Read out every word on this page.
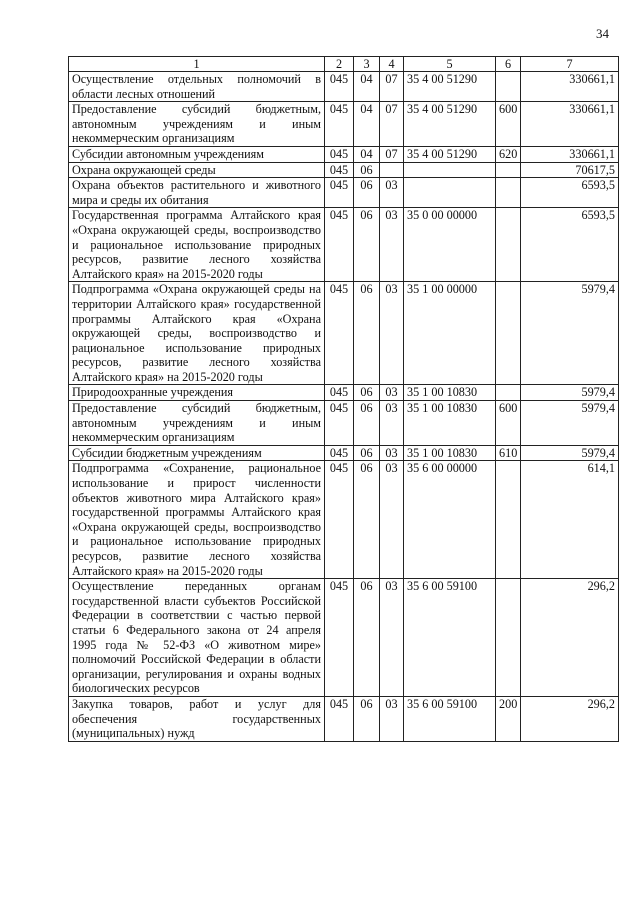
34
1	2	3	4	5	6	7
Осуществление отдельных полномочий в области лесных отношений	045	04	07	35 4 00 51290		330661,1
Предоставление субсидий бюджетным, автономным учреждениям и иным некоммерческим организациям	045	04	07	35 4 00 51290	600	330661,1
Субсидии автономным учреждениям	045	04	07	35 4 00 51290	620	330661,1
Охрана окружающей среды	045	06				70617,5
Охрана объектов растительного и животного мира и среды их обитания	045	06	03			6593,5
Государственная программа Алтайского края «Охрана окружающей среды, воспроизводство и рациональное использование природных ресурсов, развитие лесного хозяйства Алтайского края» на 2015-2020 годы	045	06	03	35 0 00 00000		6593,5
Подпрограмма «Охрана окружающей среды на территории Алтайского края» государственной программы Алтайского края «Охрана окружающей среды, воспроизводство и рациональное использование природных ресурсов, развитие лесного хозяйства Алтайского края» на 2015-2020 годы	045	06	03	35 1 00 00000		5979,4
Природоохранные учреждения	045	06	03	35 1 00 10830		5979,4
Предоставление субсидий бюджетным, автономным учреждениям и иным некоммерческим организациям	045	06	03	35 1 00 10830	600	5979,4
Субсидии бюджетным учреждениям	045	06	03	35 1 00 10830	610	5979,4
Подпрограмма «Сохранение, рациональное использование и прирост численности объектов животного мира Алтайского края» государственной программы Алтайского края «Охрана окружающей среды, воспроизводство и рациональное использование природных ресурсов, развитие лесного хозяйства Алтайского края» на 2015-2020 годы	045	06	03	35 6 00 00000		614,1
Осуществление переданных органам государственной власти субъектов Российской Федерации в соответствии с частью первой статьи 6 Федерального закона от 24 апреля 1995 года № 52-ФЗ «О животном мире» полномочий Российской Федерации в области организации, регулирования и охраны водных биологических ресурсов	045	06	03	35 6 00 59100		296,2
Закупка товаров, работ и услуг для обеспечения государственных (муниципальных) нужд	045	06	03	35 6 00 59100	200	296,2
